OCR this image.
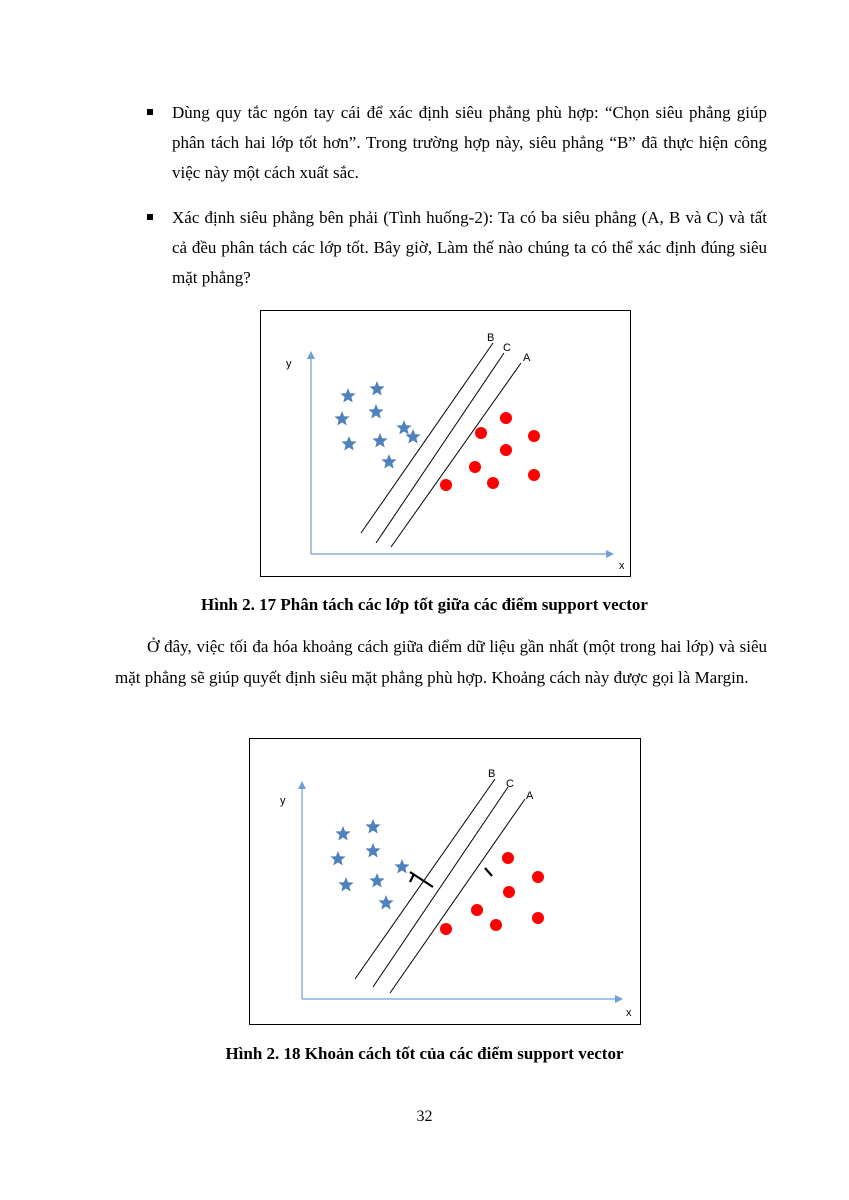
Dùng quy tắc ngón tay cái để xác định siêu phẳng phù hợp: “Chọn siêu phẳng giúp phân tách hai lớp tốt hơn”. Trong trường hợp này, siêu phẳng “B” đã thực hiện công việc này một cách xuất sắc.
Xác định siêu phẳng bên phải (Tình huống-2): Ta có ba siêu phẳng (A, B và C) và tất cả đều phân tách các lớp tốt. Bây giờ, Làm thế nào chúng ta có thể xác định đúng siêu mặt phẳng?
x
y
B
C
A
Hình 2. 17 Phân tách các lớp tốt giữa các điểm support vector
Ở đây, việc tối đa hóa khoảng cách giữa điểm dữ liệu gần nhất (một trong hai lớp) và siêu mặt phẳng sẽ giúp quyết định siêu mặt phẳng phù hợp. Khoảng cách này được gọi là Margin.
x
y
B
C
A
Hình 2. 18 Khoản cách tốt của các điểm support vector
32
